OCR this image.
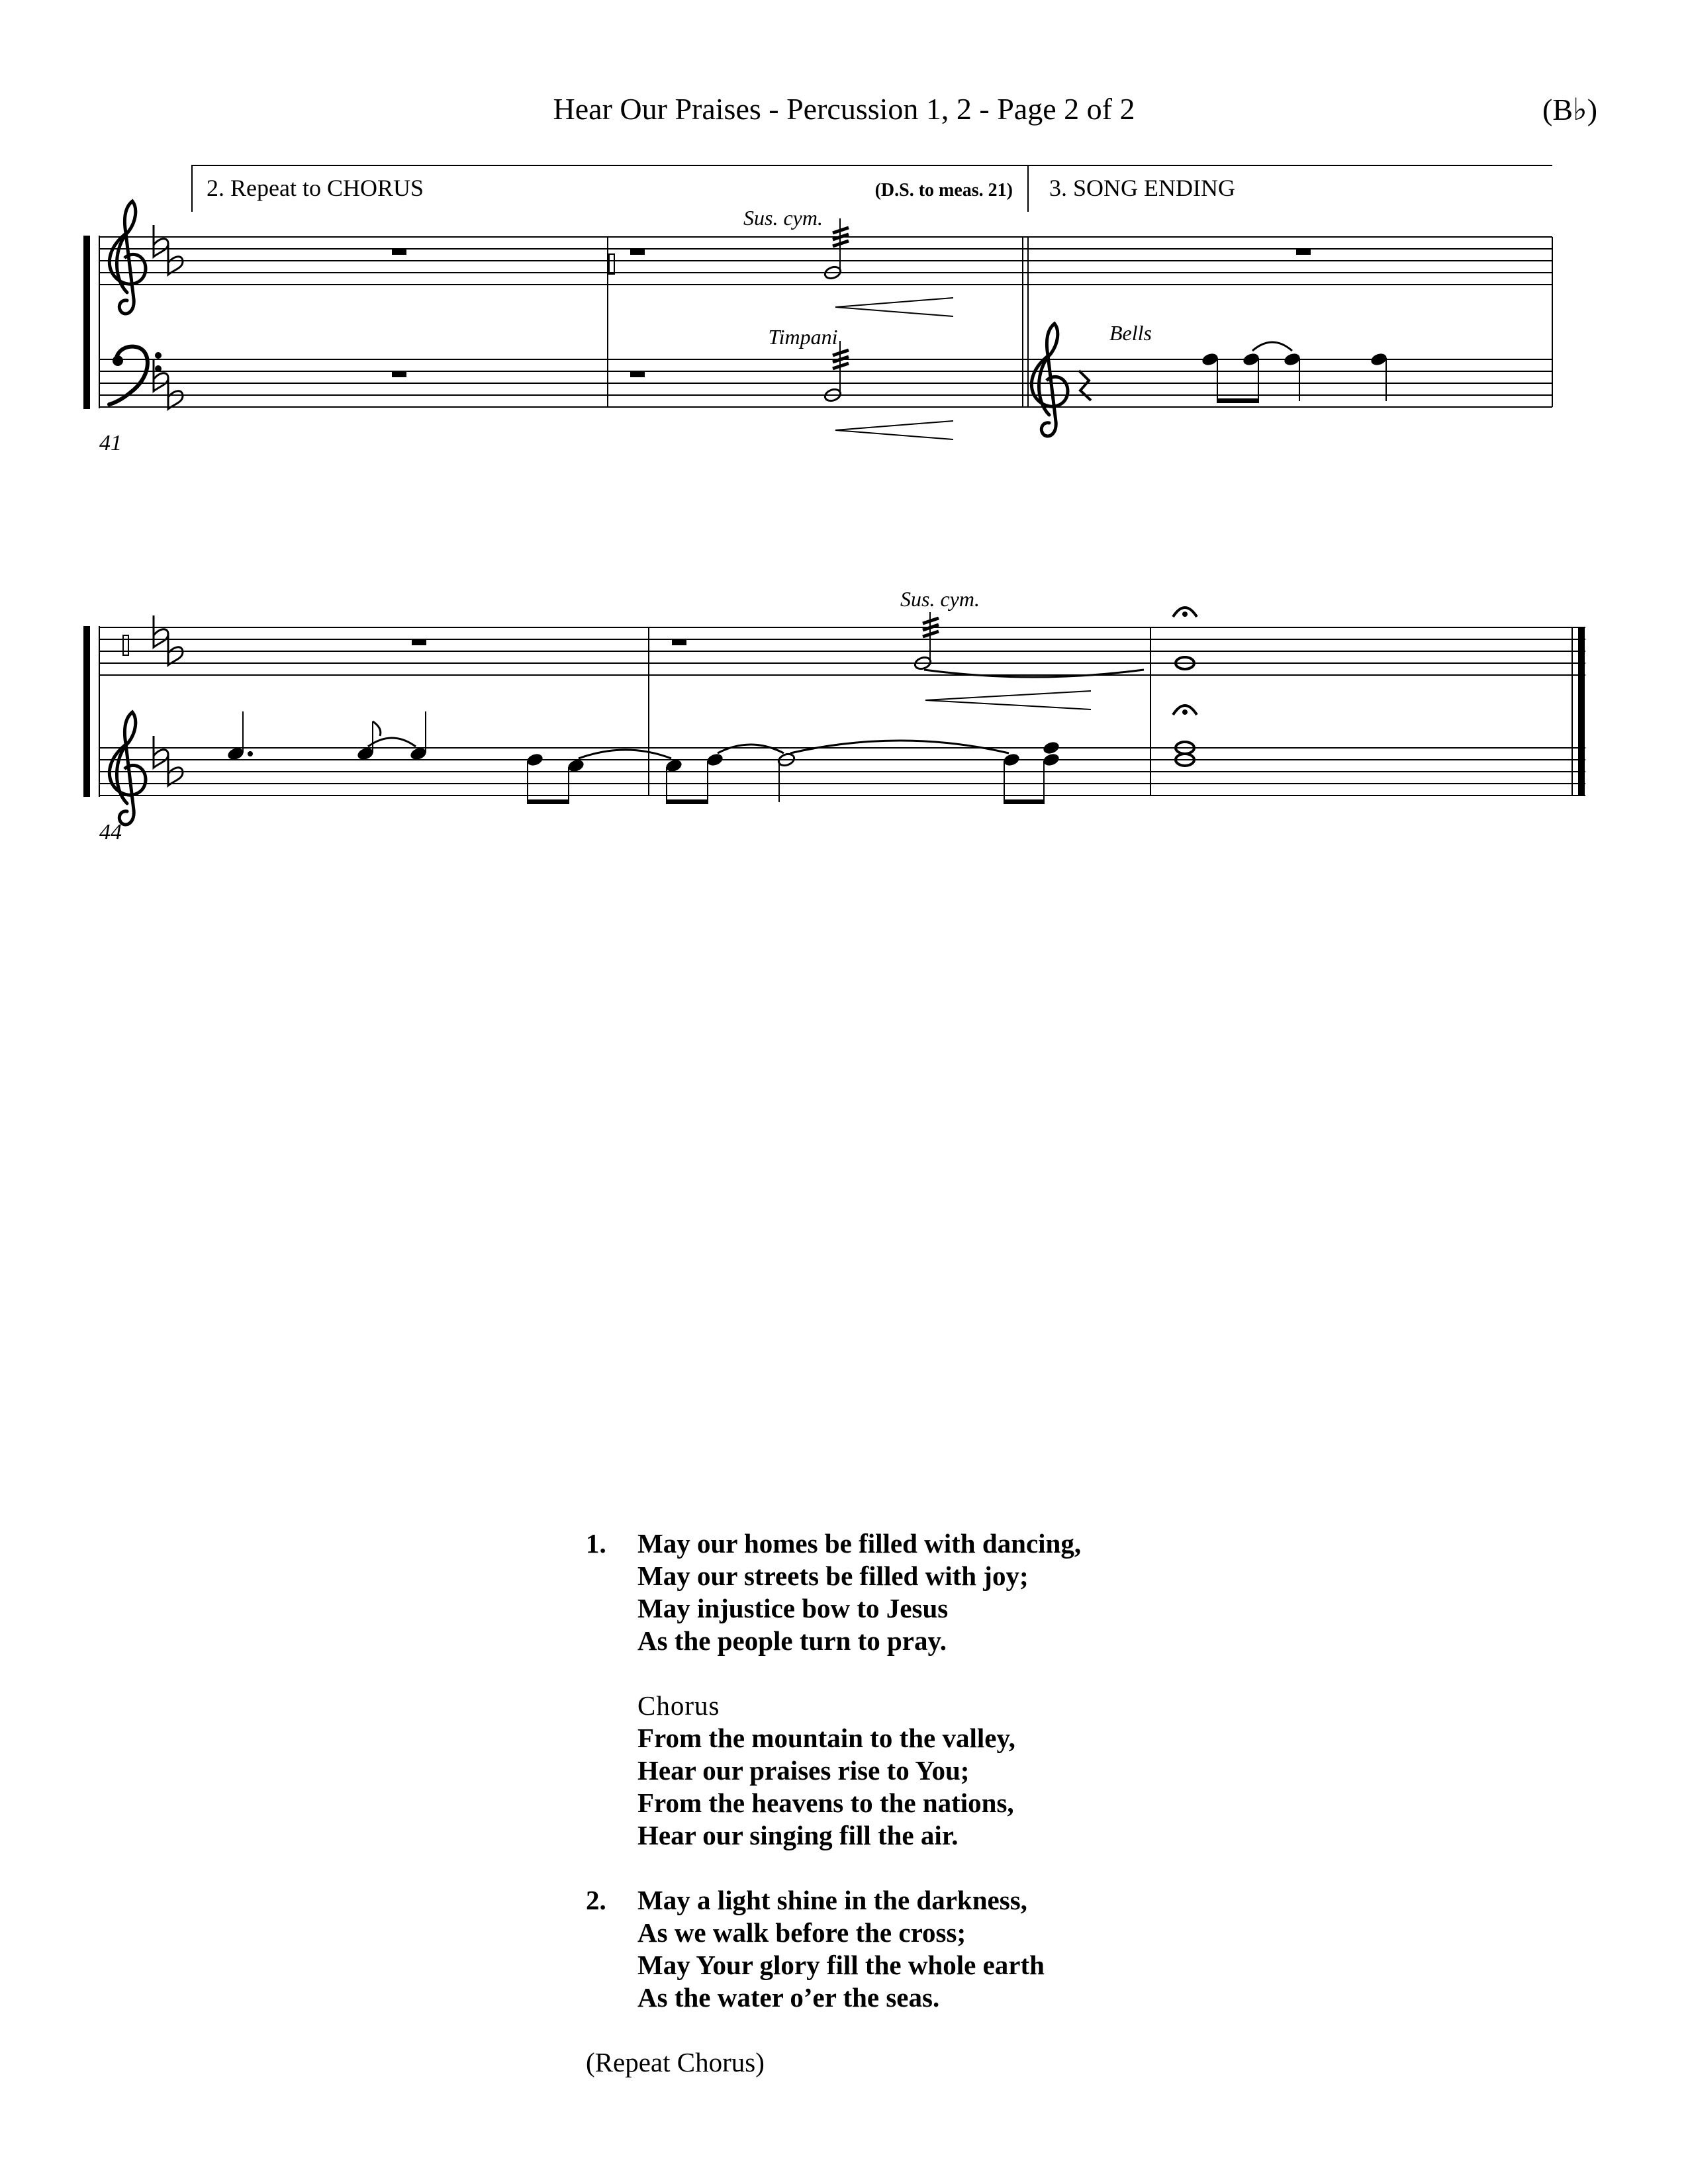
Hear Our Praises - Percussion 1, 2 - Page 2 of 2	(B♭)
41
2. Repeat to CHORUS	(D.S. to meas. 21) 3. SONG ENDING
Sus. cym.
Timpani	Bells
44
Sus. cym.
1.	May our homes be filled with dancing,
May our streets be filled with joy;
May injustice bow to Jesus
As the people turn to pray.
Chorus
From the mountain to the valley,
Hear our praises rise to You;
From the heavens to the nations,
Hear our singing fill the air.
2.	May a light shine in the darkness,
As we walk before the cross;
May Your glory fill the whole earth
As the water o’er the seas.
(Repeat Chorus)
